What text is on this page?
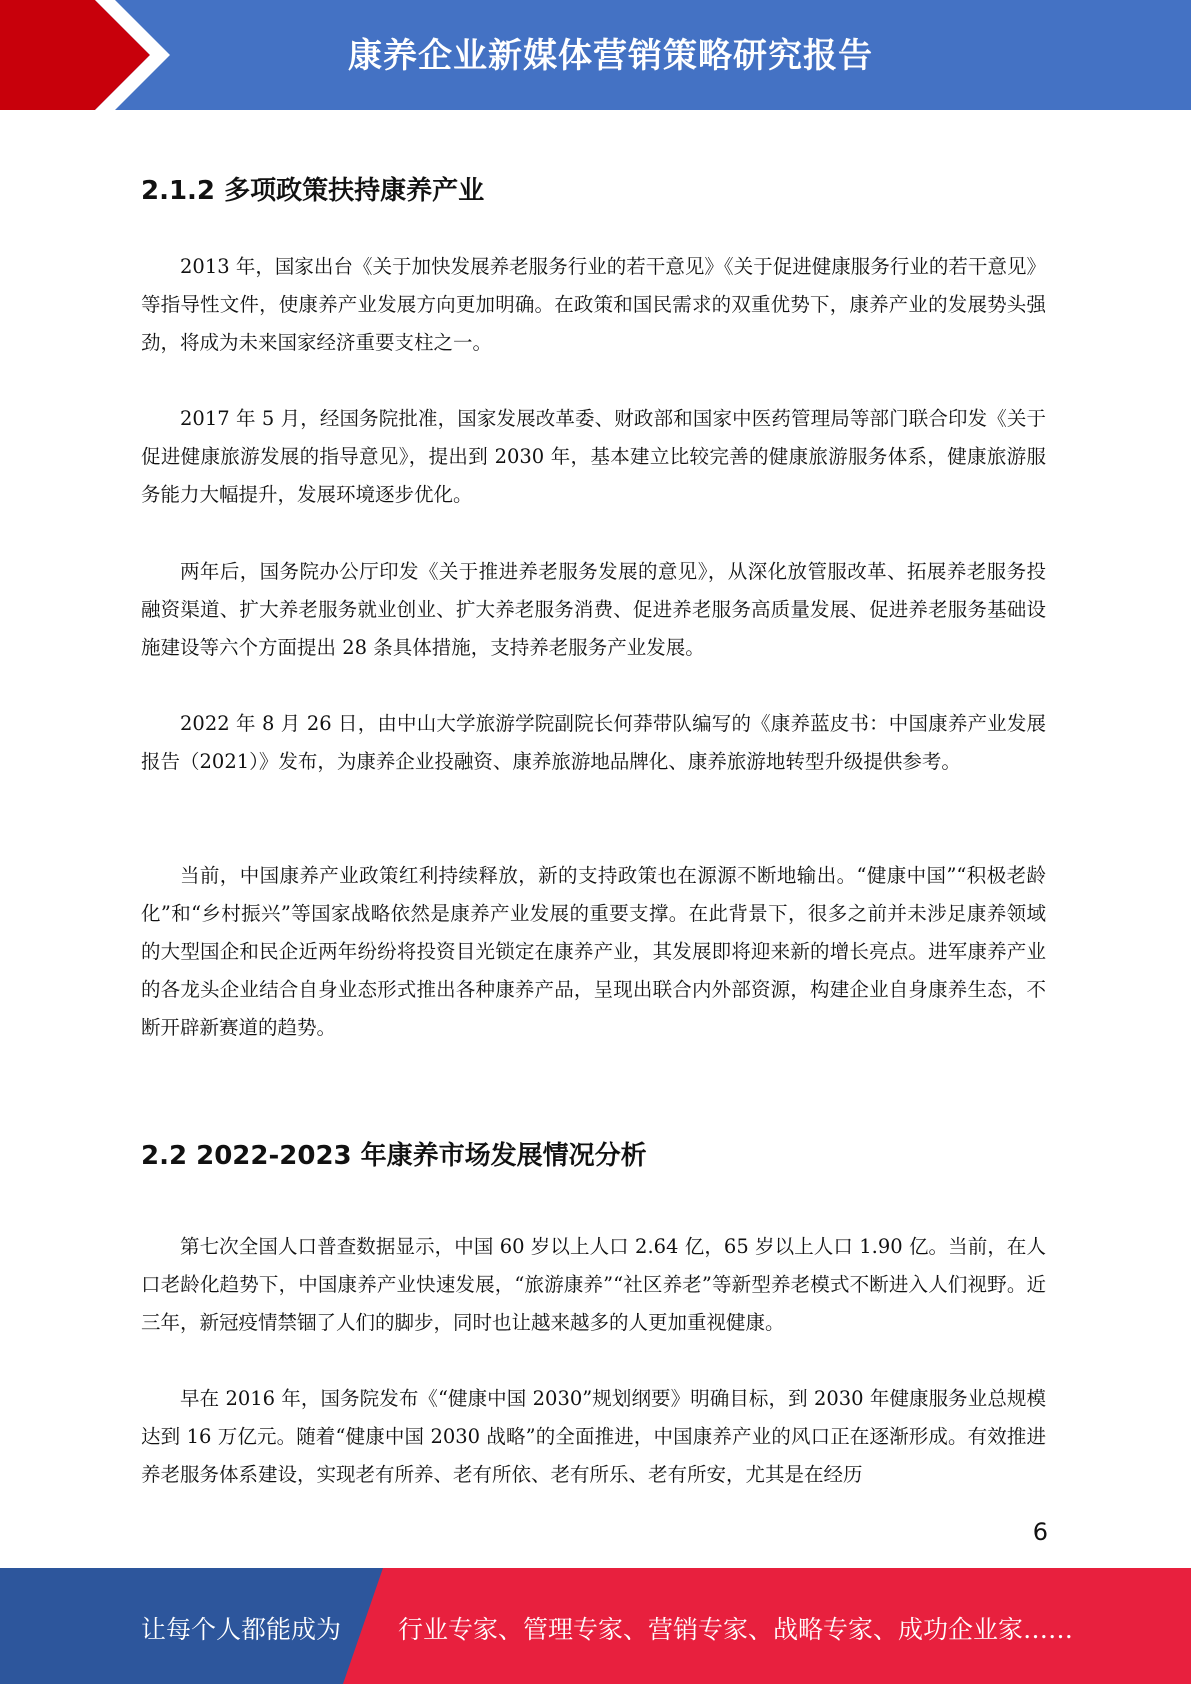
康养企业新媒体营销策略研究报告
2.1.2 多项政策扶持康养产业

2013 年，国家出台《关于加快发展养老服务行业的若干意见》《关于促进健康服务行业的若干意见》等指导性文件，使康养产业发展方向更加明确。在政策和国民需求的双重优势下，康养产业的发展势头强劲，将成为未来国家经济重要支柱之一。

2017 年 5 月，经国务院批准，国家发展改革委、财政部和国家中医药管理局等部门联合印发《关于促进健康旅游发展的指导意见》，提出到 2030 年，基本建立比较完善的健康旅游服务体系，健康旅游服务能力大幅提升，发展环境逐步优化。

两年后，国务院办公厅印发《关于推进养老服务发展的意见》，从深化放管服改革、拓展养老服务投融资渠道、扩大养老服务就业创业、扩大养老服务消费、促进养老服务高质量发展、促进养老服务基础设施建设等六个方面提出 28 条具体措施，支持养老服务产业发展。

2022 年 8 月 26 日，由中山大学旅游学院副院长何莽带队编写的《康养蓝皮书：中国康养产业发展报告（2021）》发布，为康养企业投融资、康养旅游地品牌化、康养旅游地转型升级提供参考。

当前，中国康养产业政策红利持续释放，新的支持政策也在源源不断地输出。“健康中国”“积极老龄化”和“乡村振兴”等国家战略依然是康养产业发展的重要支撑。在此背景下，很多之前并未涉足康养领域的大型国企和民企近两年纷纷将投资目光锁定在康养产业，其发展即将迎来新的增长亮点。进军康养产业的各龙头企业结合自身业态形式推出各种康养产品，呈现出联合内外部资源，构建企业自身康养生态，不断开辟新赛道的趋势。

2.2 2022-2023 年康养市场发展情况分析

第七次全国人口普查数据显示，中国 60 岁以上人口 2.64 亿，65 岁以上人口 1.90 亿。当前，在人口老龄化趋势下，中国康养产业快速发展，“旅游康养”“社区养老”等新型养老模式不断进入人们视野。近三年，新冠疫情禁锢了人们的脚步，同时也让越来越多的人更加重视健康。

早在 2016 年，国务院发布《“健康中国 2030”规划纲要》明确目标，到 2030 年健康服务业总规模达到 16 万亿元。随着“健康中国 2030 战略”的全面推进，中国康养产业的风口正在逐渐形成。有效推进养老服务体系建设，实现老有所养、老有所依、老有所乐、老有所安，尤其是在经历

6
让每个人都能成为 行业专家、管理专家、营销专家、战略专家、成功企业家……
